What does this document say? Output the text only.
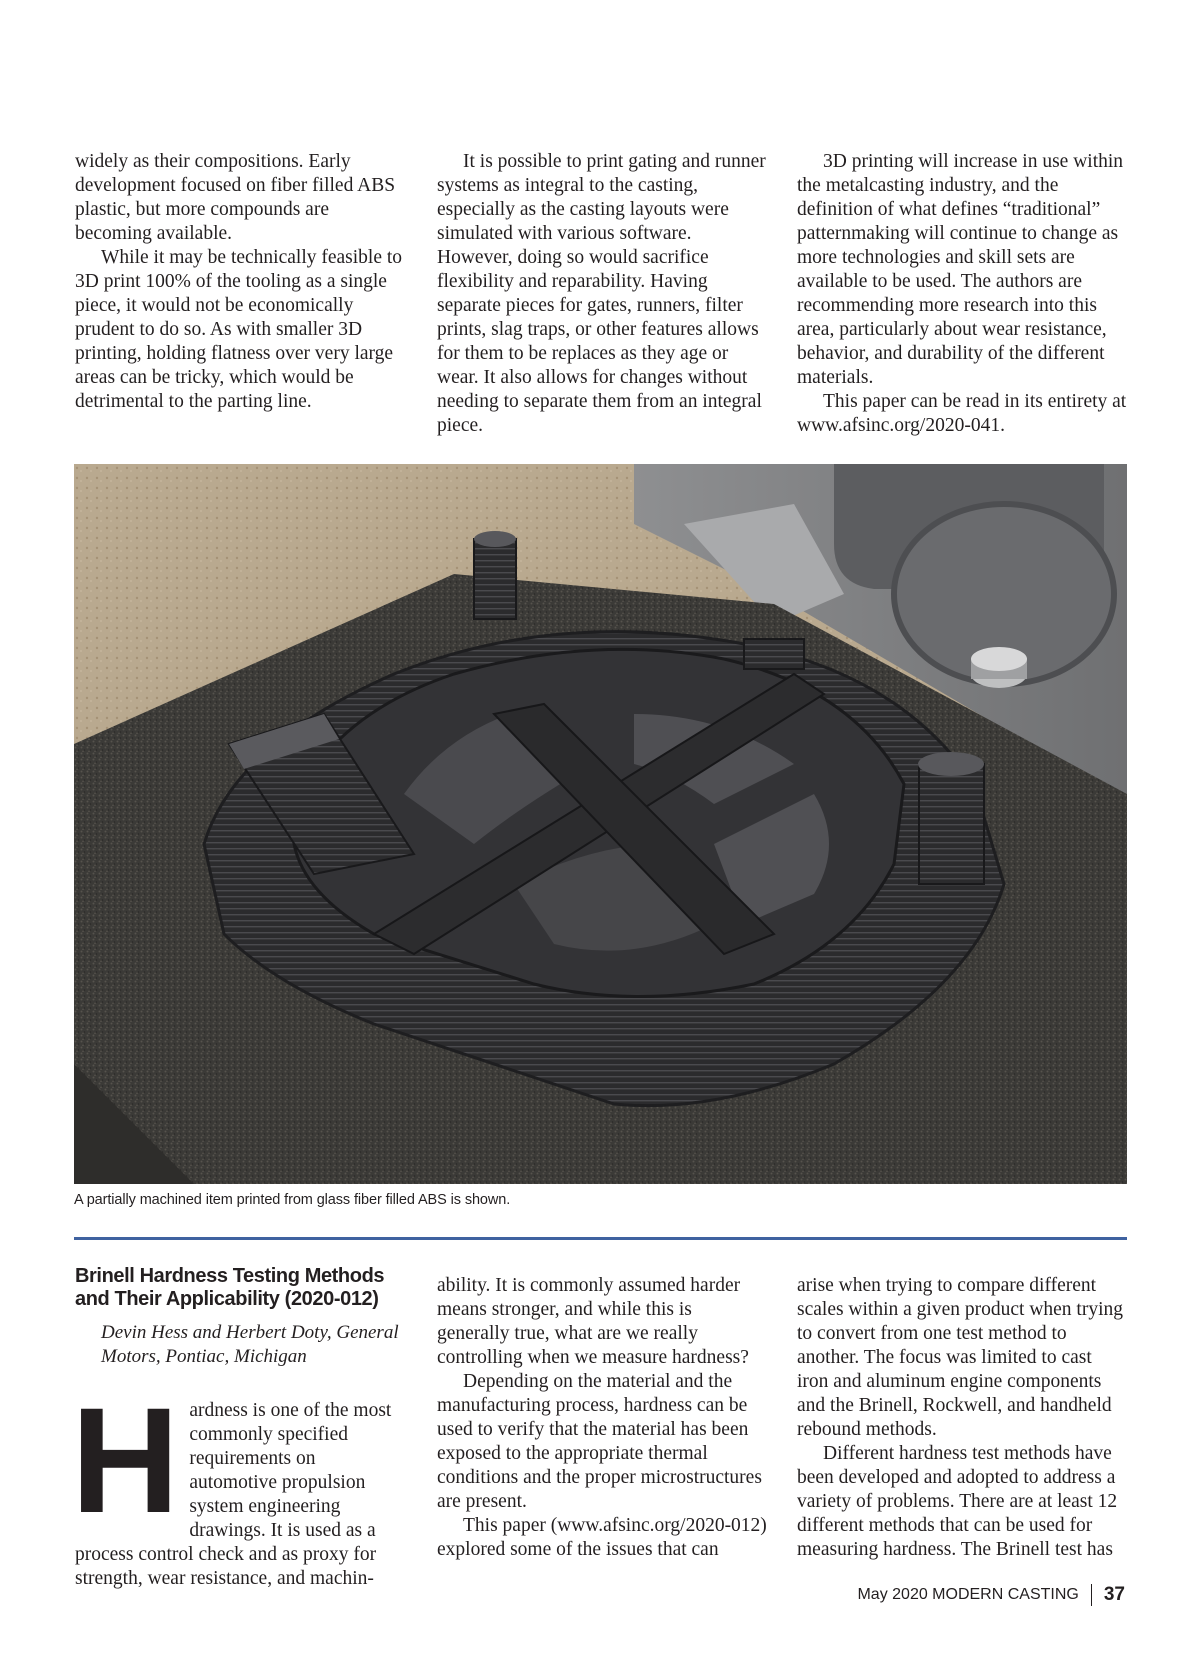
widely as their compositions. Early development focused on fiber filled ABS plastic, but more compounds are becoming available.

While it may be technically feasible to 3D print 100% of the tooling as a single piece, it would not be economically prudent to do so. As with smaller 3D printing, holding flatness over very large areas can be tricky, which would be detrimental to the parting line.

It is possible to print gating and runner systems as integral to the casting, especially as the casting layouts were simulated with various software. However, doing so would sacrifice flexibility and reparability. Having separate pieces for gates, runners, filter prints, slag traps, or other features allows for them to be replaces as they age or wear. It also allows for changes without needing to separate them from an integral piece.

3D printing will increase in use within the metalcasting industry, and the definition of what defines “traditional” patternmaking will continue to change as more technologies and skill sets are available to be used. The authors are recommending more research into this area, particularly about wear resistance, behavior, and durability of the different materials.

This paper can be read in its entirety at www.afsinc.org/2020-041.

A partially machined item printed from glass fiber filled ABS is shown.
Brinell Hardness Testing Methods and Their Applicability (2020-012)
Devin Hess and Herbert Doty, General Motors, Pontiac, Michigan
H ardness is one of the most commonly specified requirements on automotive propulsion system engineering drawings. It is used as a process control check and as proxy for strength, wear resistance, and machin-

ability. It is commonly assumed harder means stronger, and while this is generally true, what are we really controlling when we measure hardness?

Depending on the material and the manufacturing process, hardness can be used to verify that the material has been exposed to the appropriate thermal conditions and the proper microstructures are present.

This paper (www.afsinc.org/2020-012) explored some of the issues that can

arise when trying to compare different scales within a given product when trying to convert from one test method to another. The focus was limited to cast iron and aluminum engine components and the Brinell, Rockwell, and handheld rebound methods.

Different hardness test methods have been developed and adopted to address a variety of problems. There are at least 12 different methods that can be used for measuring hardness. The Brinell test has

May 2020 MODERN CASTING 37
